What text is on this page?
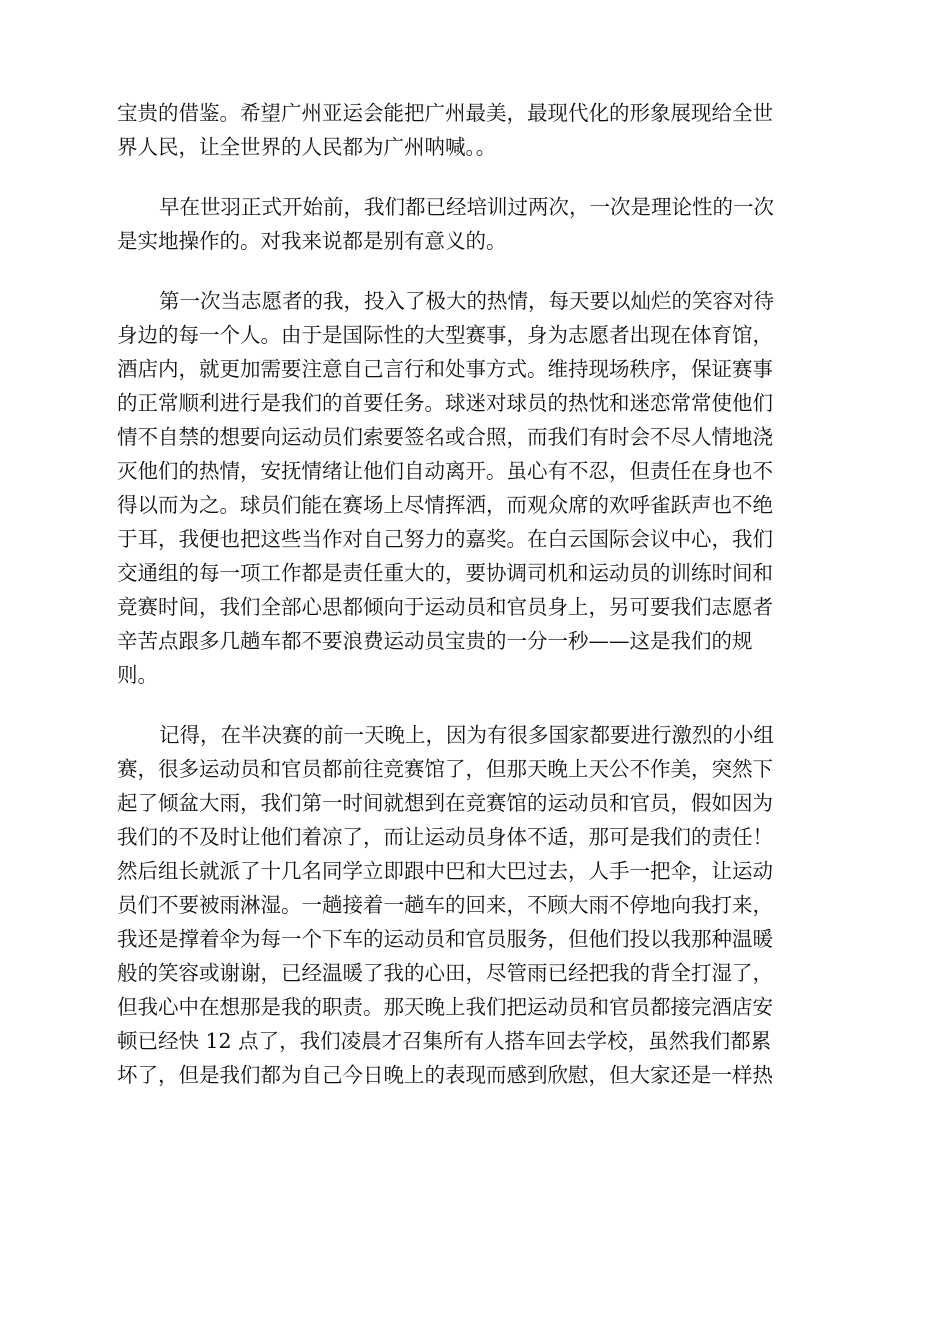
宝贵的借鉴。希望广州亚运会能把广州最美，最现代化的形象展现给全世
界人民，让全世界的人民都为广州呐喊。。
早在世羽正式开始前，我们都已经培训过两次，一次是理论性的一次
是实地操作的。对我来说都是别有意义的。
第一次当志愿者的我，投入了极大的热情，每天要以灿烂的笑容对待
身边的每一个人。由于是国际性的大型赛事，身为志愿者出现在体育馆，
酒店内，就更加需要注意自己言行和处事方式。维持现场秩序，保证赛事
的正常顺利进行是我们的首要任务。球迷对球员的热忱和迷恋常常使他们
情不自禁的想要向运动员们索要签名或合照，而我们有时会不尽人情地浇
灭他们的热情，安抚情绪让他们自动离开。虽心有不忍，但责任在身也不
得以而为之。球员们能在赛场上尽情挥洒，而观众席的欢呼雀跃声也不绝
于耳，我便也把这些当作对自己努力的嘉奖。在白云国际会议中心，我们
交通组的每一项工作都是责任重大的，要协调司机和运动员的训练时间和
竞赛时间，我们全部心思都倾向于运动员和官员身上，另可要我们志愿者
辛苦点跟多几趟车都不要浪费运动员宝贵的一分一秒——这是我们的规
则。
记得，在半决赛的前一天晚上，因为有很多国家都要进行激烈的小组
赛，很多运动员和官员都前往竞赛馆了，但那天晚上天公不作美，突然下
起了倾盆大雨，我们第一时间就想到在竞赛馆的运动员和官员，假如因为
我们的不及时让他们着凉了，而让运动员身体不适，那可是我们的责任！
然后组长就派了十几名同学立即跟中巴和大巴过去，人手一把伞，让运动
员们不要被雨淋湿。一趟接着一趟车的回来，不顾大雨不停地向我打来，
我还是撑着伞为每一个下车的运动员和官员服务，但他们投以我那种温暖
般的笑容或谢谢，已经温暖了我的心田，尽管雨已经把我的背全打湿了，
但我心中在想那是我的职责。那天晚上我们把运动员和官员都接完酒店安
顿已经快 12 点了，我们凌晨才召集所有人搭车回去学校，虽然我们都累
坏了，但是我们都为自己今日晚上的表现而感到欣慰，但大家还是一样热
